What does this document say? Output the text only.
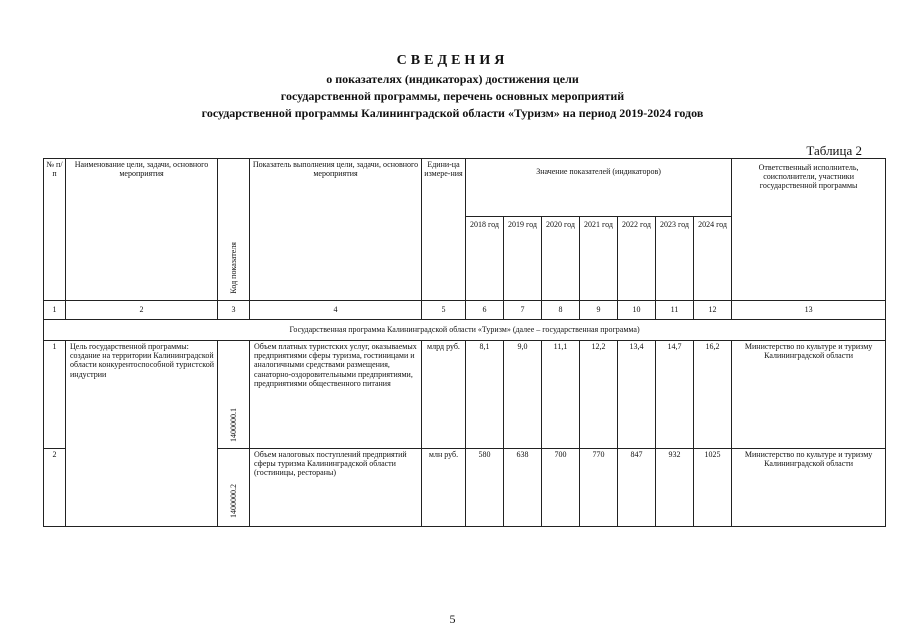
СВЕДЕНИЯ
о показателях (индикаторах) достижения цели
государственной программы, перечень основных мероприятий
государственной программы Калининградской области «Туризм» на период 2019-2024 годов
Таблица 2
№ п/п	Наименование цели, задачи, основного мероприятия	Код показателя	Показатель выполнения цели, задачи, основного мероприятия	Едини-ца измере-ния	Значение показателей (индикаторов)							Ответственный исполнитель, соисполнители, участники государственной программы
					2018 год	2019 год	2020 год	2021 год	2022 год	2023 год	2024 год	
1	2	3	4	5	6	7	8	9	10	11	12	13
Государственная программа Калининградской области «Туризм» (далее – государственная программа)												
1	Цель государственной программы: создание на территории Калининградской области конкурентоспособной туристской индустрии	1400000.1	Объем платных туристских услуг, оказываемых предприятиями сферы туризма, гостиницами и аналогичными средствами размещения, санаторно-оздоровительными предприятиями, предприятиями общественного питания	млрд руб.	8,1	9,0	11,1	12,2	13,4	14,7	16,2	Министерство по культуре и туризму Калининградской области
2		1400000.2	Объем налоговых поступлений предприятий сферы туризма Калининградской области (гостиницы, рестораны)	млн руб.	580	638	700	770	847	932	1025	Министерство по культуре и туризму Калининградской области
5
